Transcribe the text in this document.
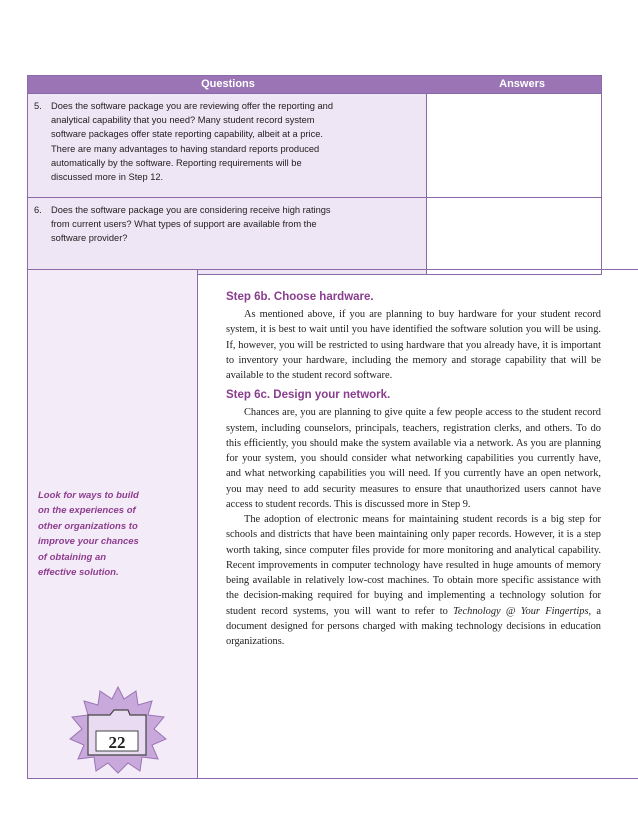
Questions	Answers
5. Does the software package you are reviewing offer the reporting and
analytical capability that you need? Many student record system
software packages offer state reporting capability, albeit at a price.
There are many advantages to having standard reports produced
automatically by the software. Reporting requirements will be
discussed more in Step 12.
6. Does the software package you are considering receive high ratings
from current users? What types of support are available from the
software provider?
Look for ways to build
on the experiences of
other organizations to
improve your chances
of obtaining an
effective solution.
22
Step 6b. Choose hardware.

As mentioned above, if you are planning to buy hardware for your student record system, it is best to wait until you have identified the software solution you will be using. If, however, you will be restricted to using hardware that you already have, it is important to inventory your hardware, including the memory and storage capability that will be available to the student record software.

Step 6c. Design your network.

Chances are, you are planning to give quite a few people access to the student record system, including counselors, principals, teachers, registration clerks, and others. To do this efficiently, you should make the system available via a network. As you are planning for your system, you should consider what networking capabilities you currently have, and what networking capabilities you will need. If you currently have an open network, you may need to add security measures to ensure that unauthorized users cannot have access to student records. This is discussed more in Step 9.

The adoption of electronic means for maintaining student records is a big step for schools and districts that have been maintaining only paper records. However, it is a step worth taking, since computer files provide for more monitoring and analytical capability. Recent improvements in computer technology have resulted in huge amounts of memory being available in relatively low-cost machines. To obtain more specific assistance with the decision-making required for buying and implementing a technology solution for student record systems, you will want to refer to Technology @ Your Fingertips, a document designed for persons charged with making technology decisions in education organizations.
